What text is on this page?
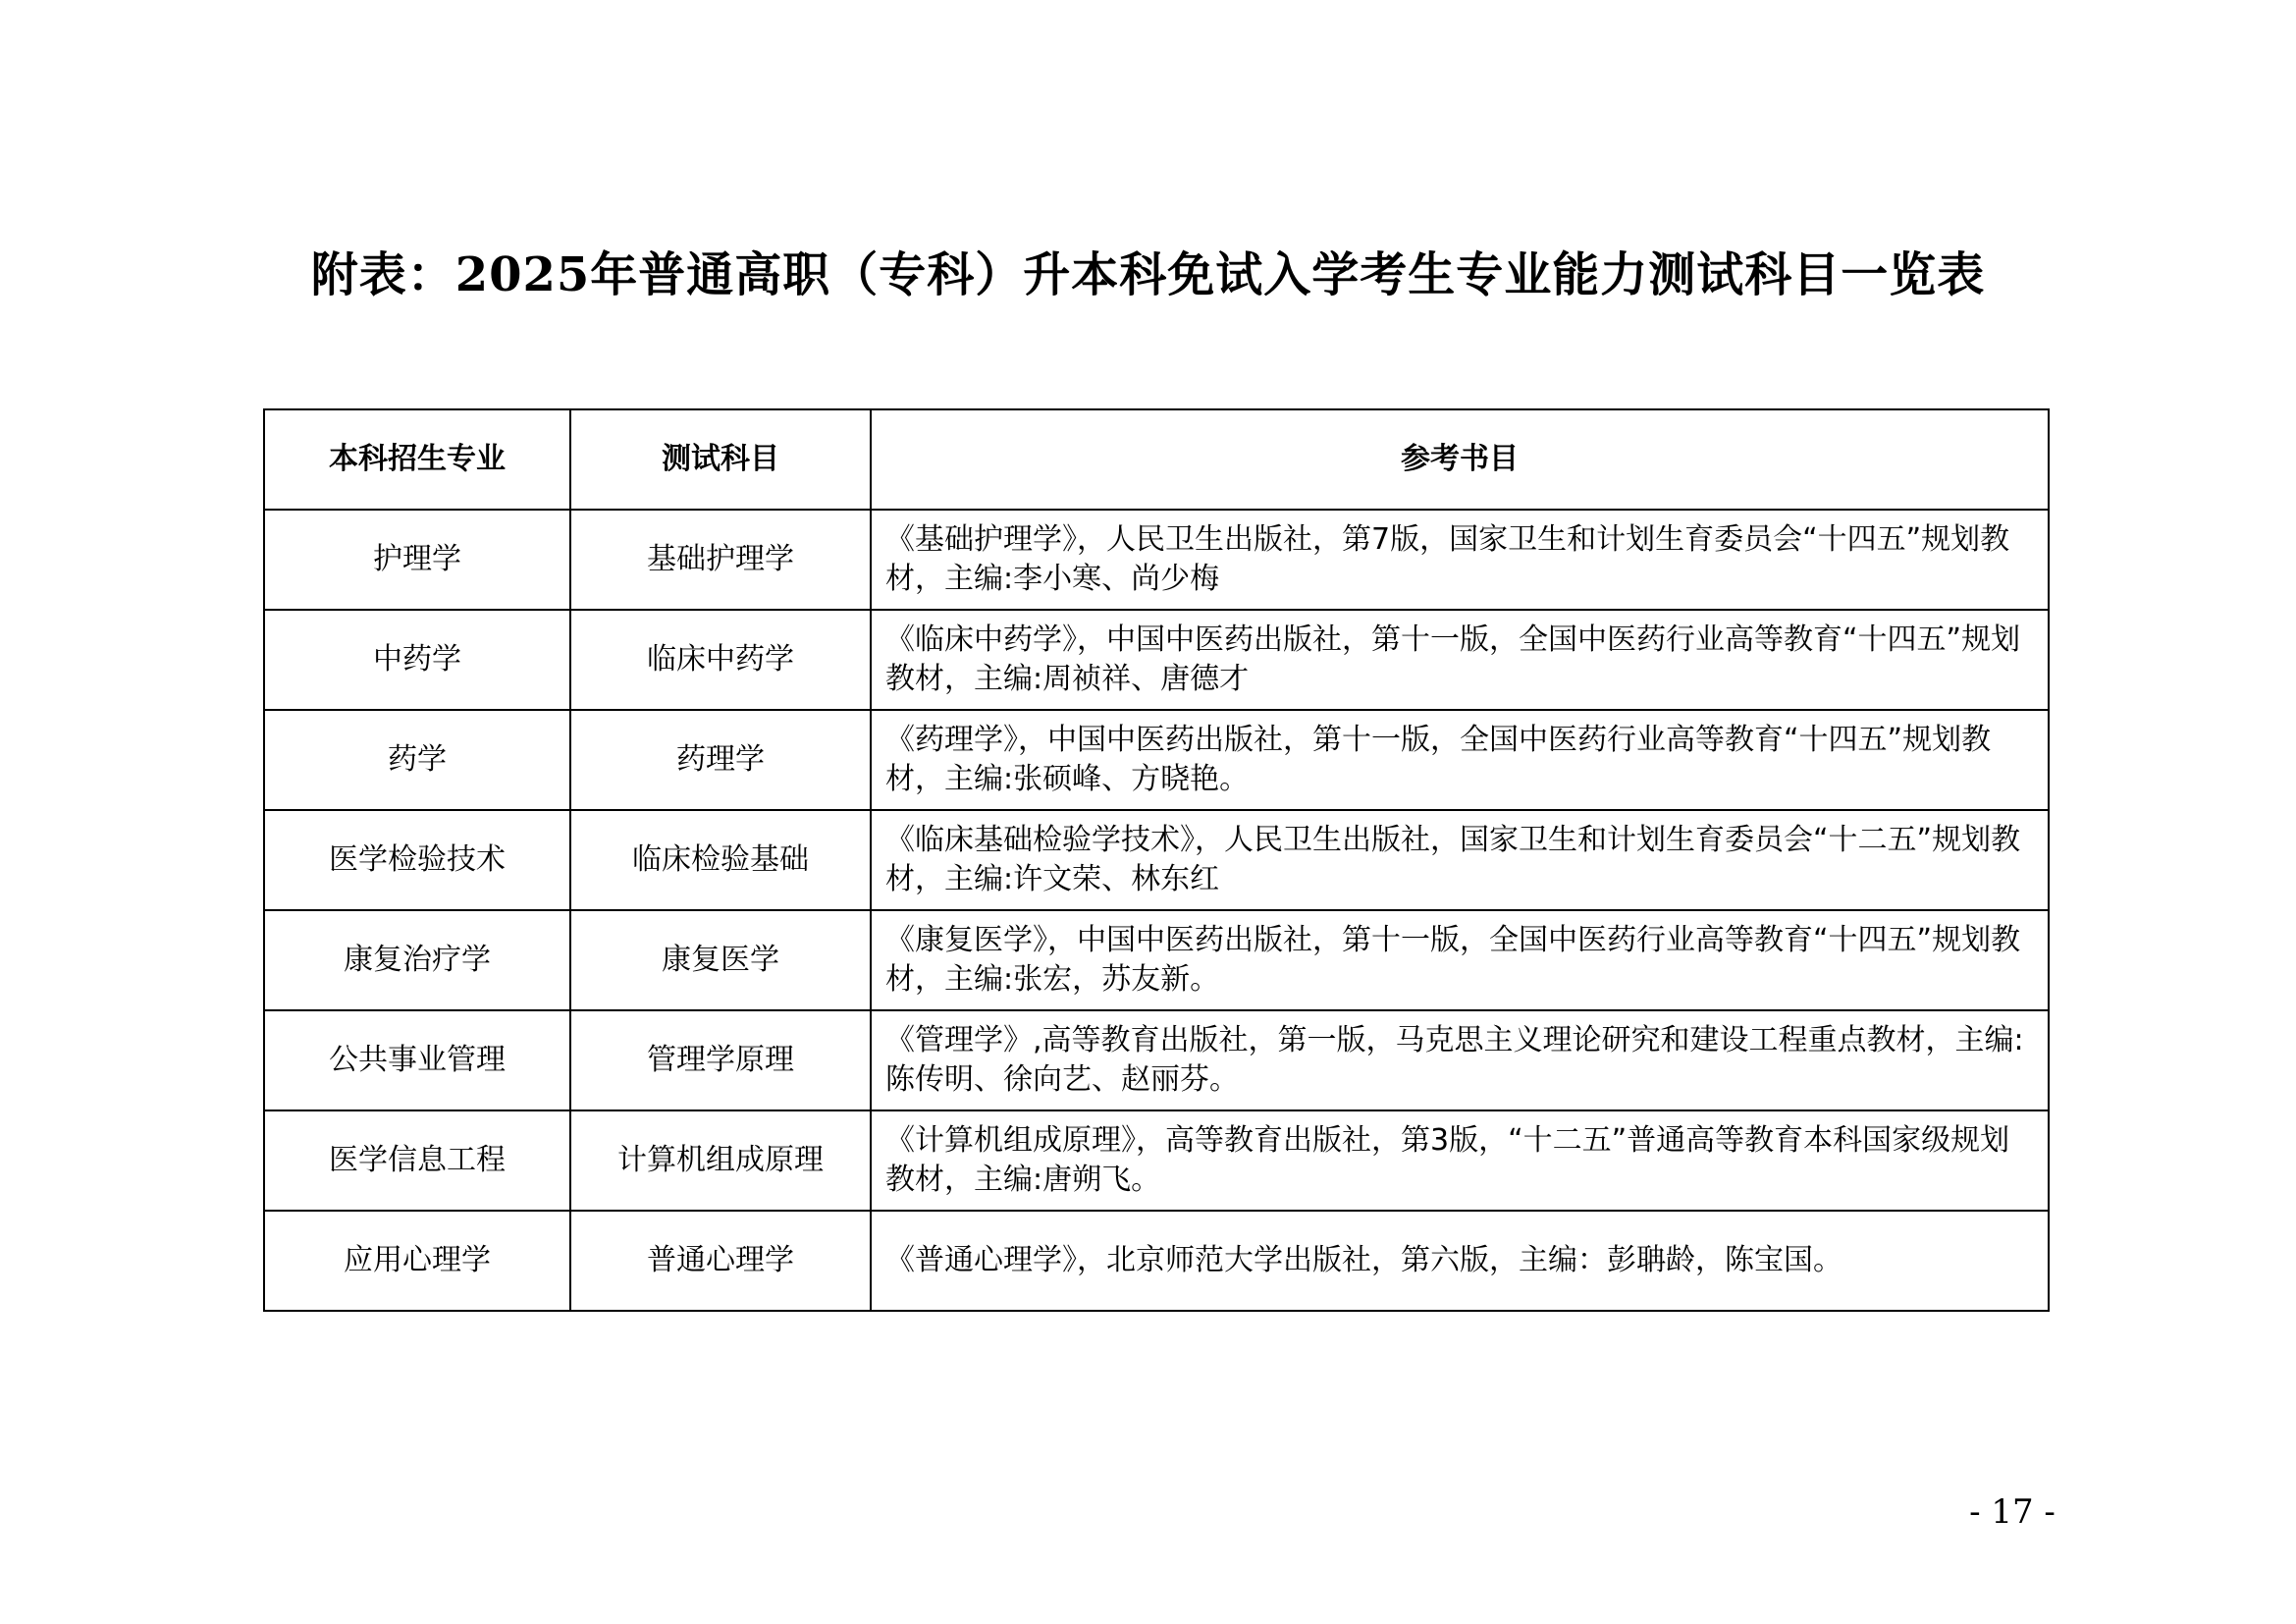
附表：2025年普通高职（专科）升本科免试入学考生专业能力测试科目一览表
本科招生专业	测试科目	参考书目
护理学	基础护理学	《基础护理学》，人民卫生出版社，第7版，国家卫生和计划生育委员会“十四五”规划教材，主编:李小寒、尚少梅
中药学	临床中药学	《临床中药学》，中国中医药出版社，第十一版，全国中医药行业高等教育“十四五”规划教材，主编:周祯祥、唐德才
药学	药理学	《药理学》，中国中医药出版社，第十一版，全国中医药行业高等教育“十四五”规划教材，主编:张硕峰、方晓艳。
医学检验技术	临床检验基础	《临床基础检验学技术》，人民卫生出版社，国家卫生和计划生育委员会“十二五”规划教材，主编:许文荣、林东红
康复治疗学	康复医学	《康复医学》，中国中医药出版社，第十一版，全国中医药行业高等教育“十四五”规划教材，主编:张宏，苏友新。
公共事业管理	管理学原理	《管理学》,高等教育出版社，第一版，马克思主义理论研究和建设工程重点教材，主编:陈传明、徐向艺、赵丽芬。
医学信息工程	计算机组成原理	《计算机组成原理》，高等教育出版社，第3版，“十二五”普通高等教育本科国家级规划教材，主编:唐朔飞。
应用心理学	普通心理学	《普通心理学》，北京师范大学出版社，第六版，主编：彭聃龄，陈宝国。
- 17 -
